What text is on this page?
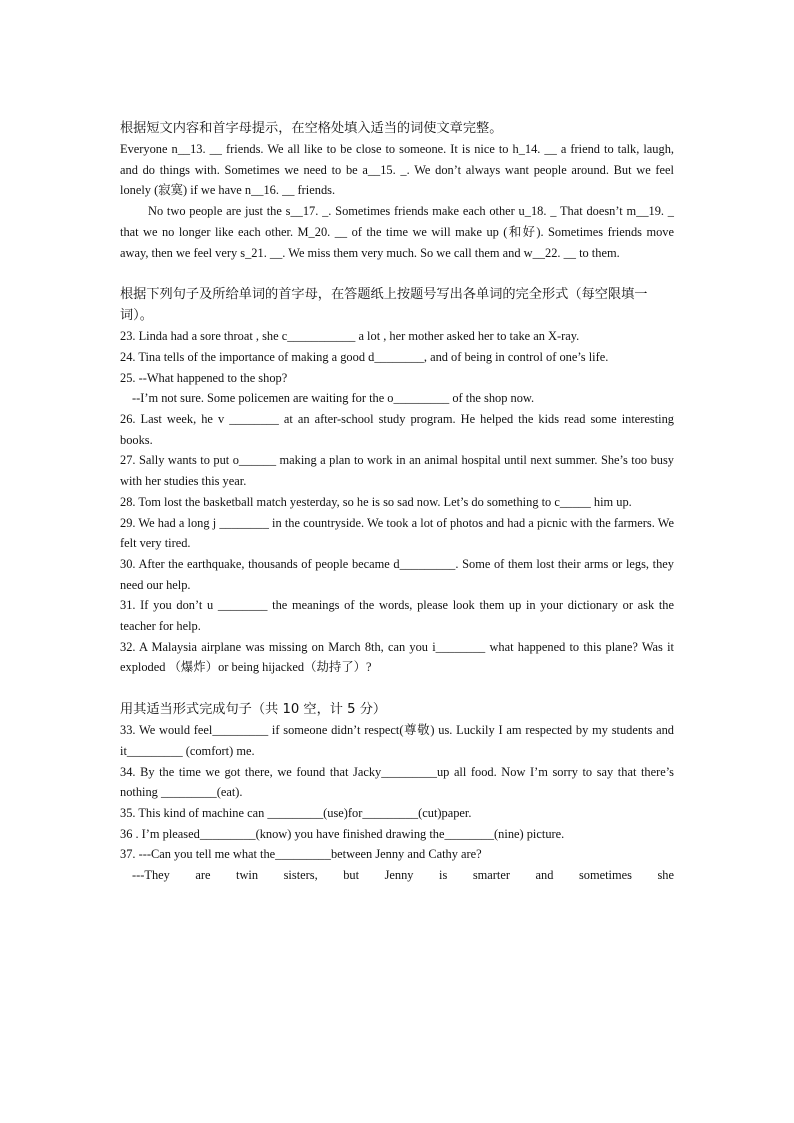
根据短文内容和首字母提示，在空格处填入适当的词使文章完整。

Everyone n__13. __ friends. We all like to be close to someone. It is nice to h_14. __ a friend to talk, laugh, and do things with. Sometimes we need to be a__15. _. We don’t always want people around. But we feel lonely (寂寞) if we have n__16. __ friends.

No two people are just the s__17. _. Sometimes friends make each other u_18. _ That doesn’t m__19. _ that we no longer like each other. M_20. __ of the time we will make up (和好). Sometimes friends move away, then we feel very s_21. __. We miss them very much. So we call them and w__22. __ to them.

根据下列句子及所给单词的首字母，在答题纸上按题号写出各单词的完全形式（每空限填一词）。

23. Linda had a sore throat , she c___________ a lot , her mother asked her to take an X-ray.

24. Tina tells of the importance of making a good d________, and of being in control of one’s life.

25. --What happened to the shop?

--I’m not sure. Some policemen are waiting for the o_________ of the shop now.

26. Last week, he v ________ at an after-school study program. He helped the kids read some interesting books.

27. Sally wants to put o______ making a plan to work in an animal hospital until next summer. She’s too busy with her studies this year.

28. Tom lost the basketball match yesterday, so he is so sad now. Let’s do something to c_____ him up.

29. We had a long j ________ in the countryside. We took a lot of photos and had a picnic with the farmers. We felt very tired.

30. After the earthquake, thousands of people became d_________. Some of them lost their arms or legs, they need our help.

31. If you don’t u ________ the meanings of the words, please look them up in your dictionary or ask the teacher for help.

32. A Malaysia airplane was missing on March 8th, can you i________ what happened to this plane? Was it exploded （爆炸）or being hijacked（劫持了）?

用其适当形式完成句子（共 10 空，计 5 分）

33. We would feel_________ if someone didn’t respect(尊敬) us. Luckily I am respected by my students and it_________ (comfort) me.

34. By the time we got there, we found that Jacky_________up all food. Now I’m sorry to say that there’s nothing _________(eat).

35. This kind of machine can _________(use)for_________(cut)paper.

36 . I’m pleased_________(know) you have finished drawing the________(nine) picture.

37. ---Can you tell me what the_________between Jenny and Cathy are?

---They are twin sisters, but Jenny is smarter and sometimes she
